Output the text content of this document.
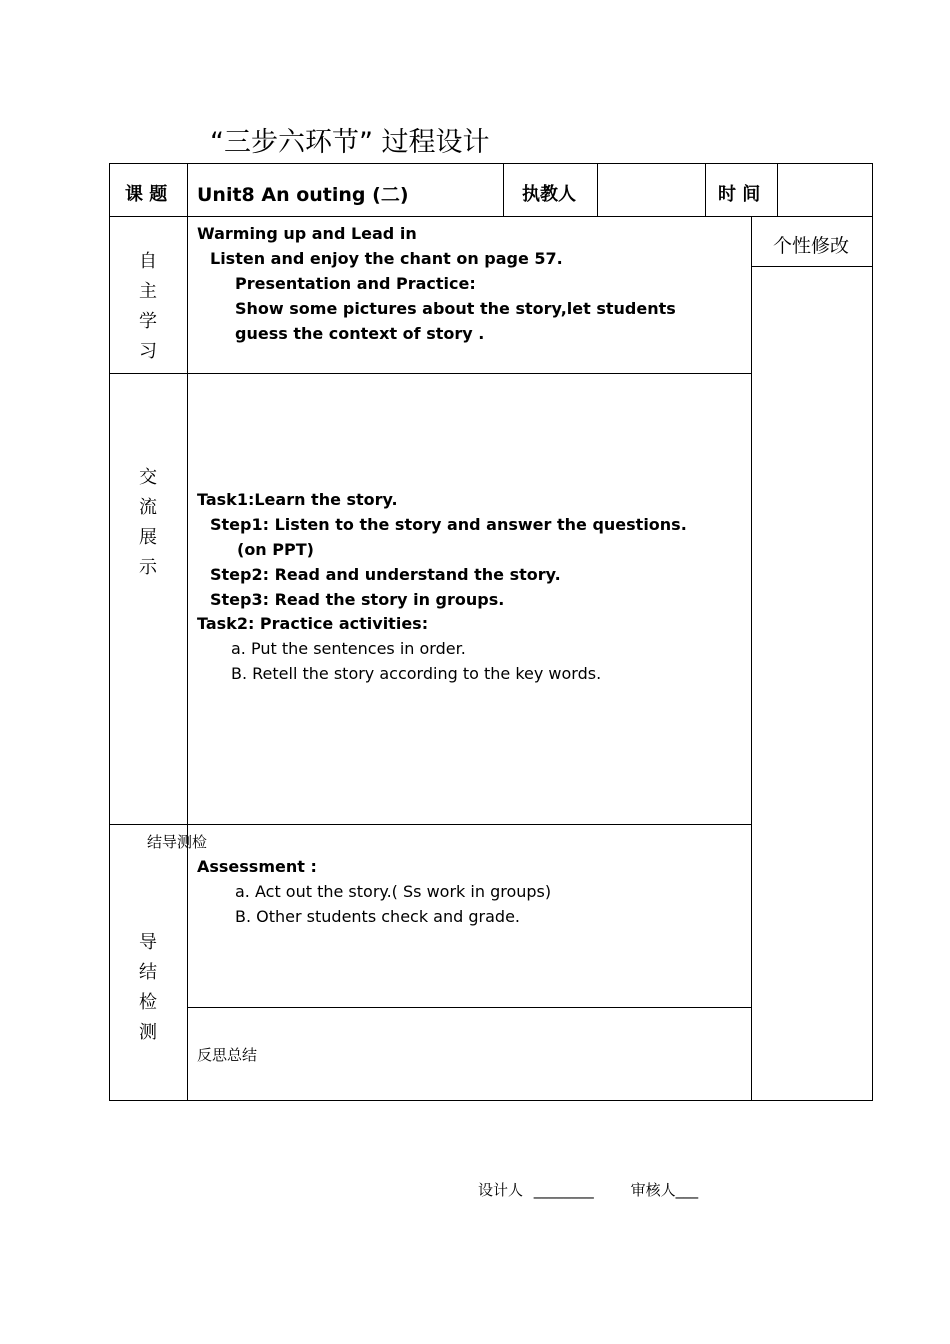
“三步六环节” 过程设计
课 题 Unit8 An outing (二)	执教人	时 间
个性修改
自
主
学
习
Warming up and Lead in
Listen and enjoy the chant on page 57.
Presentation and Practice:
Show some pictures about the story,let students
guess the context of story .
交
流
展
示
Task1:Learn the story.
Step1: Listen to the story and answer the questions.
(on PPT)
Step2: Read and understand the story.
Step3: Read the story in groups.
Task2: Practice activities:
a. Put the sentences in order.
B. Retell the story according to the key words.
结导测检
导
结
检
测
Assessment :
a. Act out the story.( Ss work in groups)
B. Other students check and grade.
反思总结
设计人 ________ 审核人___
